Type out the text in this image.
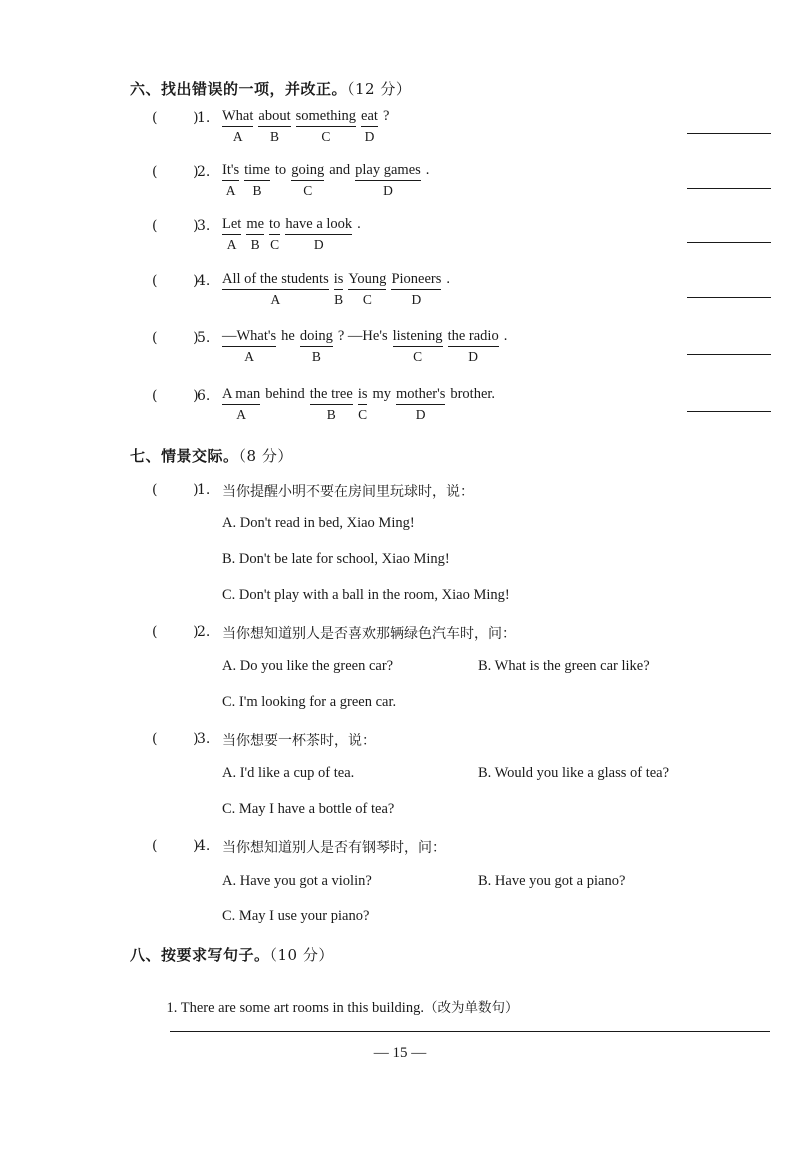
六、找出错误的一项，并改正。（12 分）
(        )
1. What
A
about
B
something
C
eat
D
?
(        )
2. It's
A
time
B
to going
C
and play games
D
.
(        )
3. Let
A
me
B
to
C
have a look
D
.
(        )
4. All of the students
A
is
B
Young
C
Pioneers
D
.
(        )
5. —What's
A
he doing
B
? —He's listening
C
the radio
D
.
(        )
6. A man
A
behind the tree
B
is
C
my mother's
D
brother.
七、情景交际。（8 分）
(        )
1. 当你提醒小明不要在房间里玩球时，说：
A. Don't read in bed, Xiao Ming!
B. Don't be late for school, Xiao Ming!
C. Don't play with a ball in the room, Xiao Ming!
(        )
2. 当你想知道别人是否喜欢那辆绿色汽车时，问：
A. Do you like the green car?	B. What is the green car like?
C. I'm looking for a green car.
(        )
3. 当你想要一杯茶时，说：
A. I'd like a cup of tea.	B. Would you like a glass of tea?
C. May I have a bottle of tea?
(        )
4. 当你想知道别人是否有钢琴时，问：
A. Have you got a violin?	B. Have you got a piano?
C. May I use your piano?
八、按要求写句子。（10 分）

1. There are some art rooms in this building.（改为单数句）

— 15 —
